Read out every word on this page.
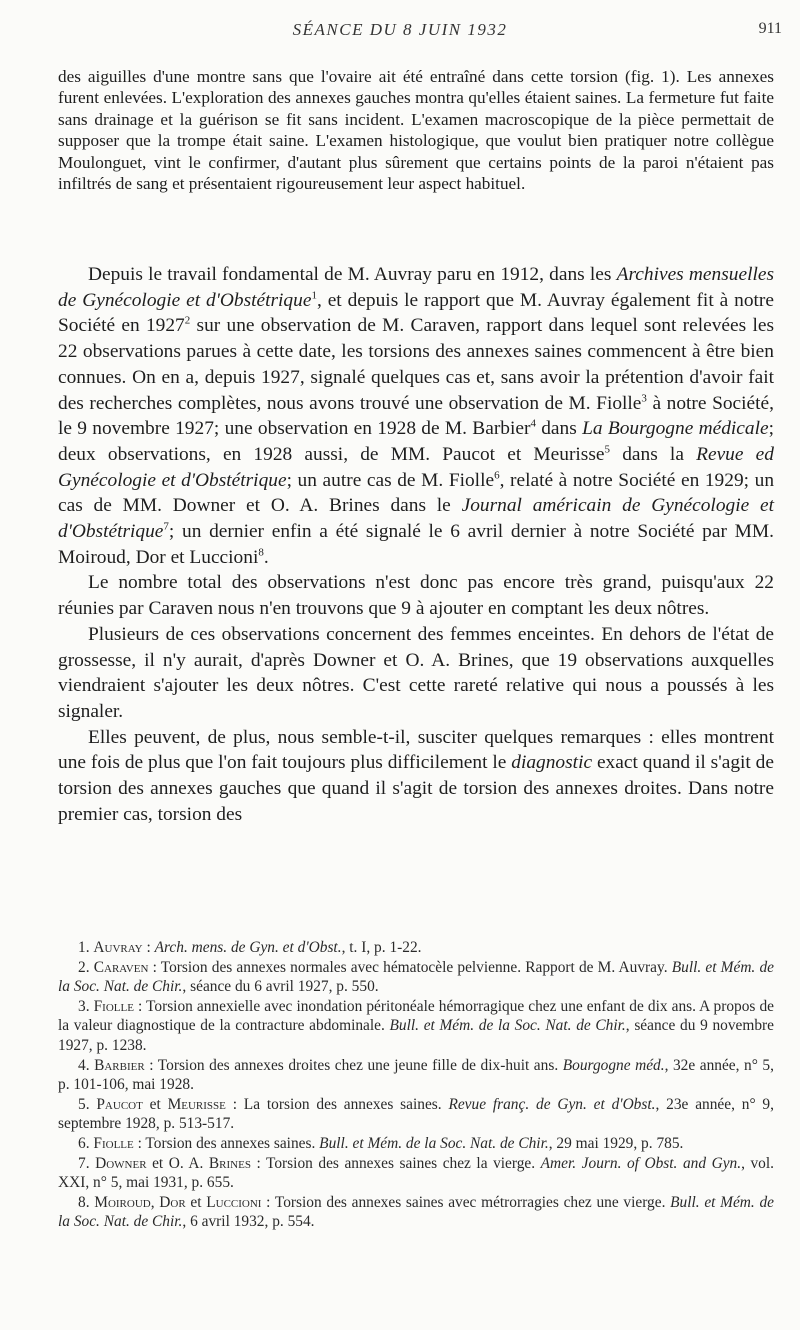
SÉANCE DU 8 JUIN 1932	911

des aiguilles d'une montre sans que l'ovaire ait été entraîné dans cette torsion (fig. 1). Les annexes furent enlevées. L'exploration des annexes gauches montra qu'elles étaient saines. La fermeture fut faite sans drainage et la guérison se fit sans incident. L'examen macroscopique de la pièce permettait de supposer que la trompe était saine. L'examen histologique, que voulut bien pratiquer notre collègue Moulonguet, vint le confirmer, d'autant plus sûrement que certains points de la paroi n'étaient pas infiltrés de sang et présentaient rigoureusement leur aspect habituel.

Depuis le travail fondamental de M. Auvray paru en 1912, dans les Archives mensuelles de Gynécologie et d'Obstétrique$^1$, et depuis le rapport que M. Auvray également fit à notre Société en 1927$^2$ sur une observation de M. Caraven, rapport dans lequel sont relevées les 22 observations parues à cette date, les torsions des annexes saines commencent à être bien connues. On en a, depuis 1927, signalé quelques cas et, sans avoir la prétention d'avoir fait des recherches complètes, nous avons trouvé une observation de M. Fiolle$^3$ à notre Société, le 9 novembre 1927; une observation en 1928 de M. Barbier$^4$ dans La Bourgogne médicale; deux observations, en 1928 aussi, de MM. Paucot et Meurisse$^5$ dans la Revue ed Gynécologie et d'Obstétrique; un autre cas de M. Fiolle$^6$, relaté à notre Société en 1929; un cas de MM. Downer et O. A. Brines dans le Journal américain de Gynécologie et d'Obstétrique$^7$; un dernier enfin a été signalé le 6 avril dernier à notre Société par MM. Moiroud, Dor et Luccioni$^8$.

Le nombre total des observations n'est donc pas encore très grand, puisqu'aux 22 réunies par Caraven nous n'en trouvons que 9 à ajouter en comptant les deux nôtres.

Plusieurs de ces observations concernent des femmes enceintes. En dehors de l'état de grossesse, il n'y aurait, d'après Downer et O. A. Brines, que 19 observations auxquelles viendraient s'ajouter les deux nôtres. C'est cette rareté relative qui nous a poussés à les signaler.

Elles peuvent, de plus, nous semble-t-il, susciter quelques remarques : elles montrent une fois de plus que l'on fait toujours plus difficilement le diagnostic exact quand il s'agit de torsion des annexes gauches que quand il s'agit de torsion des annexes droites. Dans notre premier cas, torsion des

1. Auvray : Arch. mens. de Gyn. et d'Obst., t. I, p. 1-22.

2. Caraven : Torsion des annexes normales avec hématocèle pelvienne. Rapport de M. Auvray. Bull. et Mém. de la Soc. Nat. de Chir., séance du 6 avril 1927, p. 550.

3. Fiolle : Torsion annexielle avec inondation péritonéale hémorragique chez une enfant de dix ans. A propos de la valeur diagnostique de la contracture abdominale. Bull. et Mém. de la Soc. Nat. de Chir., séance du 9 novembre 1927, p. 1238.

4. Barbier : Torsion des annexes droites chez une jeune fille de dix-huit ans. Bourgogne méd., 32e année, n° 5, p. 101-106, mai 1928.

5. Paucot et Meurisse : La torsion des annexes saines. Revue franç. de Gyn. et d'Obst., 23e année, n° 9, septembre 1928, p. 513-517.

6. Fiolle : Torsion des annexes saines. Bull. et Mém. de la Soc. Nat. de Chir., 29 mai 1929, p. 785.

7. Downer et O. A. Brines : Torsion des annexes saines chez la vierge. Amer. Journ. of Obst. and Gyn., vol. XXI, n° 5, mai 1931, p. 655.

8. Moiroud, Dor et Luccioni : Torsion des annexes saines avec métrorragies chez une vierge. Bull. et Mém. de la Soc. Nat. de Chir., 6 avril 1932, p. 554.
